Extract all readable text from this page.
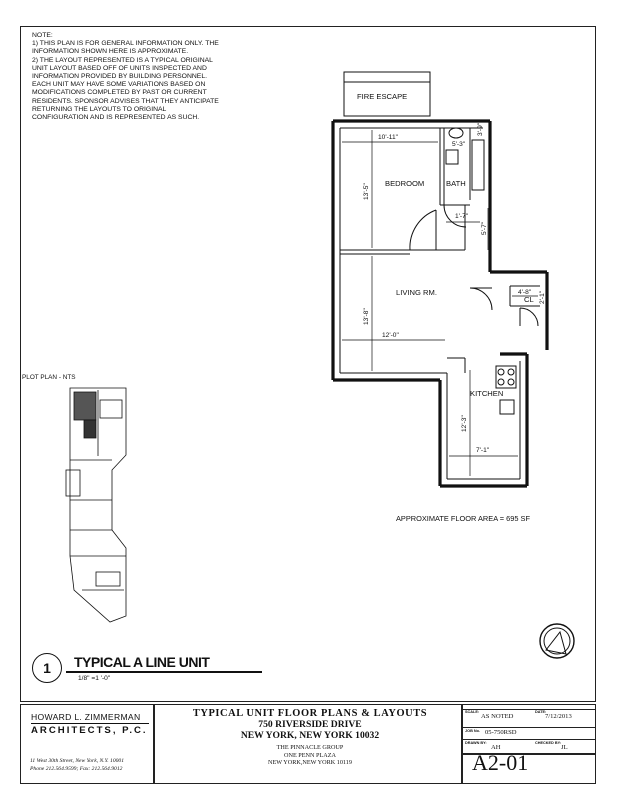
NOTE:
1) THIS PLAN IS FOR GENERAL INFORMATION ONLY. THE INFORMATION SHOWN HERE IS APPROXIMATE.
2) THE LAYOUT REPRESENTED IS A TYPICAL ORIGINAL UNIT LAYOUT BASED OFF OF UNITS INSPECTED AND INFORMATION PROVIDED BY BUILDING PERSONNEL. EACH UNIT MAY HAVE SOME VARIATIONS BASED ON MODIFICATIONS COMPLETED BY PAST OR CURRENT RESIDENTS. SPONSOR ADVISES THAT THEY ANTICIPATE RETURNING THE LAYOUTS TO ORIGINAL CONFIGURATION AND IS REPRESENTED AS SUCH.
FIRE ESCAPE
BEDROOM	BATH
LIVING RM.
KITCHEN
CL
10'-11"
13'-5"
5'-3"
3'-9"
1'-7"
5'-7"
4'-8" 2'-1"
13'-8"
12'-0"
12'-3"
7'-1"
PLOT PLAN - NTS
APPROXIMATE FLOOR AREA = 695 SF
1	TYPICAL A LINE UNIT
1/8" =1 '-0"
SCALE:
AS NOTED
DATE:
7/12/2013
JOB No. 05-750RSD
DRAWN BY:
AH
CHECKED BY:
JL
HOWARD L. ZIMMERMAN
ARCHITECTS, P.C.
11 West 30th Street, New York, N.Y. 10001
Phone 212.564.9599; Fax: 212.564.9012
TYPICAL UNIT FLOOR PLANS & LAYOUTS
750 RIVERSIDE DRIVE
NEW YORK, NEW YORK 10032
THE PINNACLE GROUP
ONE PENN PLAZA
NEW YORK,NEW YORK 10119	A2-01
